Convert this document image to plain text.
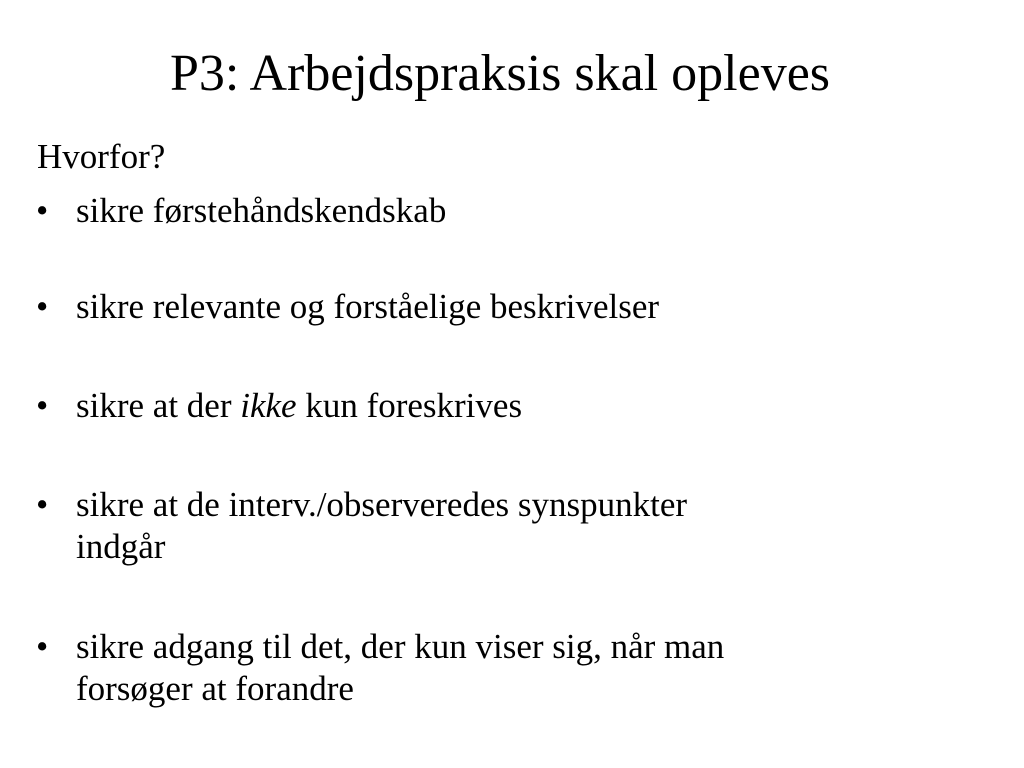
P3: Arbejdspraksis skal opleves

Hvorfor?

• sikre førstehåndskendskab
• sikre relevante og forståelige beskrivelser
• sikre at der ikke kun foreskrives
• sikre at de interv./observeredes synspunkter
indgår
• sikre adgang til det, der kun viser sig, når man
forsøger at forandre
